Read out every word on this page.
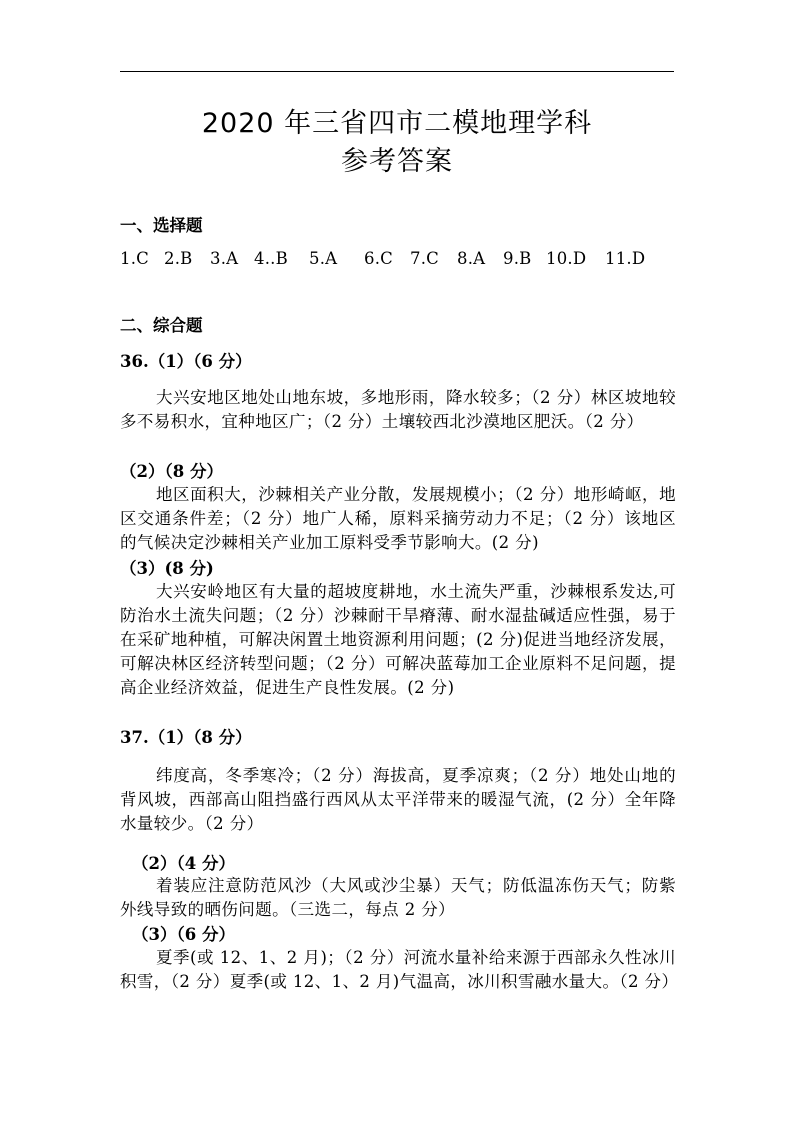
2020 年三省四市二模地理学科
参考答案
一、选择题
1.C 2.B 3.A 4..B 5.A 6.C 7.C 8.A 9.B 10.D 11.D
二、综合题
36.（1）（6 分）
大兴安地区地处山地东坡，多地形雨，降水较多；（2 分）林区坡地较多不易积水，宜种地区广；（2 分）土壤较西北沙漠地区肥沃。（2 分）
（2）（8 分）
地区面积大，沙棘相关产业分散，发展规模小；（2 分）地形崎岖，地区交通条件差；（2 分）地广人稀，原料采摘劳动力不足；（2 分）该地区的气候决定沙棘相关产业加工原料受季节影响大。(2 分)
（3）(8 分)
大兴安岭地区有大量的超坡度耕地，水土流失严重，沙棘根系发达,可防治水土流失问题；（2 分）沙棘耐干旱瘠薄、耐水湿盐碱适应性强，易于在采矿地种植，可解决闲置土地资源利用问题；(2 分)促进当地经济发展，可解决林区经济转型问题；（2 分）可解决蓝莓加工企业原料不足问题，提高企业经济效益，促进生产良性发展。(2 分)
37.（1）（8 分）
纬度高，冬季寒冷；（2 分）海拔高，夏季凉爽；（2 分）地处山地的背风坡，西部高山阻挡盛行西风从太平洋带来的暖湿气流，(2 分）全年降水量较少。（2 分）
（2）（4 分）
着装应注意防范风沙（大风或沙尘暴）天气；防低温冻伤天气；防紫外线导致的晒伤问题。（三选二，每点 2 分）
（3）（6 分）
夏季(或 12、1、2 月)；（2 分）河流水量补给来源于西部永久性冰川积雪，（2 分）夏季(或 12、1、2 月)气温高，冰川积雪融水量大。（2 分）
